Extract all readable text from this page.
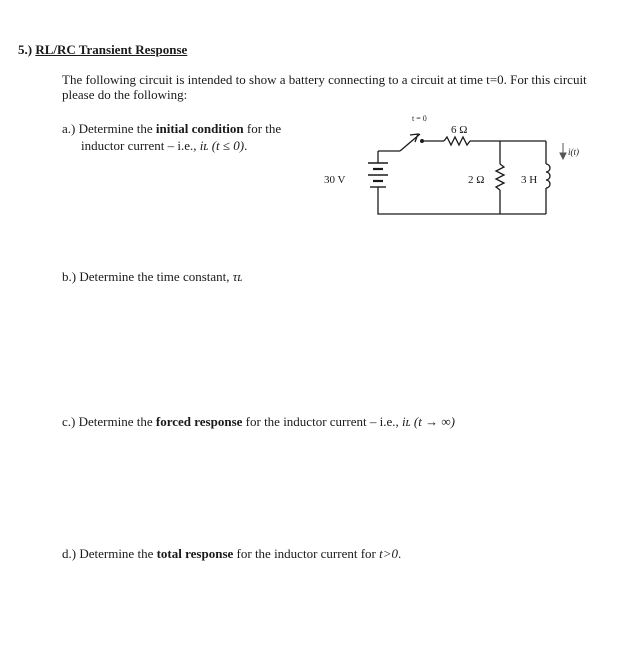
5.) RL/RC Transient Response
The following circuit is intended to show a battery connecting to a circuit at time t=0. For this circuit please do the following:
a.) Determine the initial condition for the
inductor current – i.e., iʟ (t ≤ 0).
b.) Determine the time constant, τʟ
c.) Determine the forced response for the inductor current – i.e., iʟ (t → ∞)
d.) Determine the total response for the inductor current for t>0.
t = 0
6 Ω
30 V	2 Ω	3 H
i(t)
